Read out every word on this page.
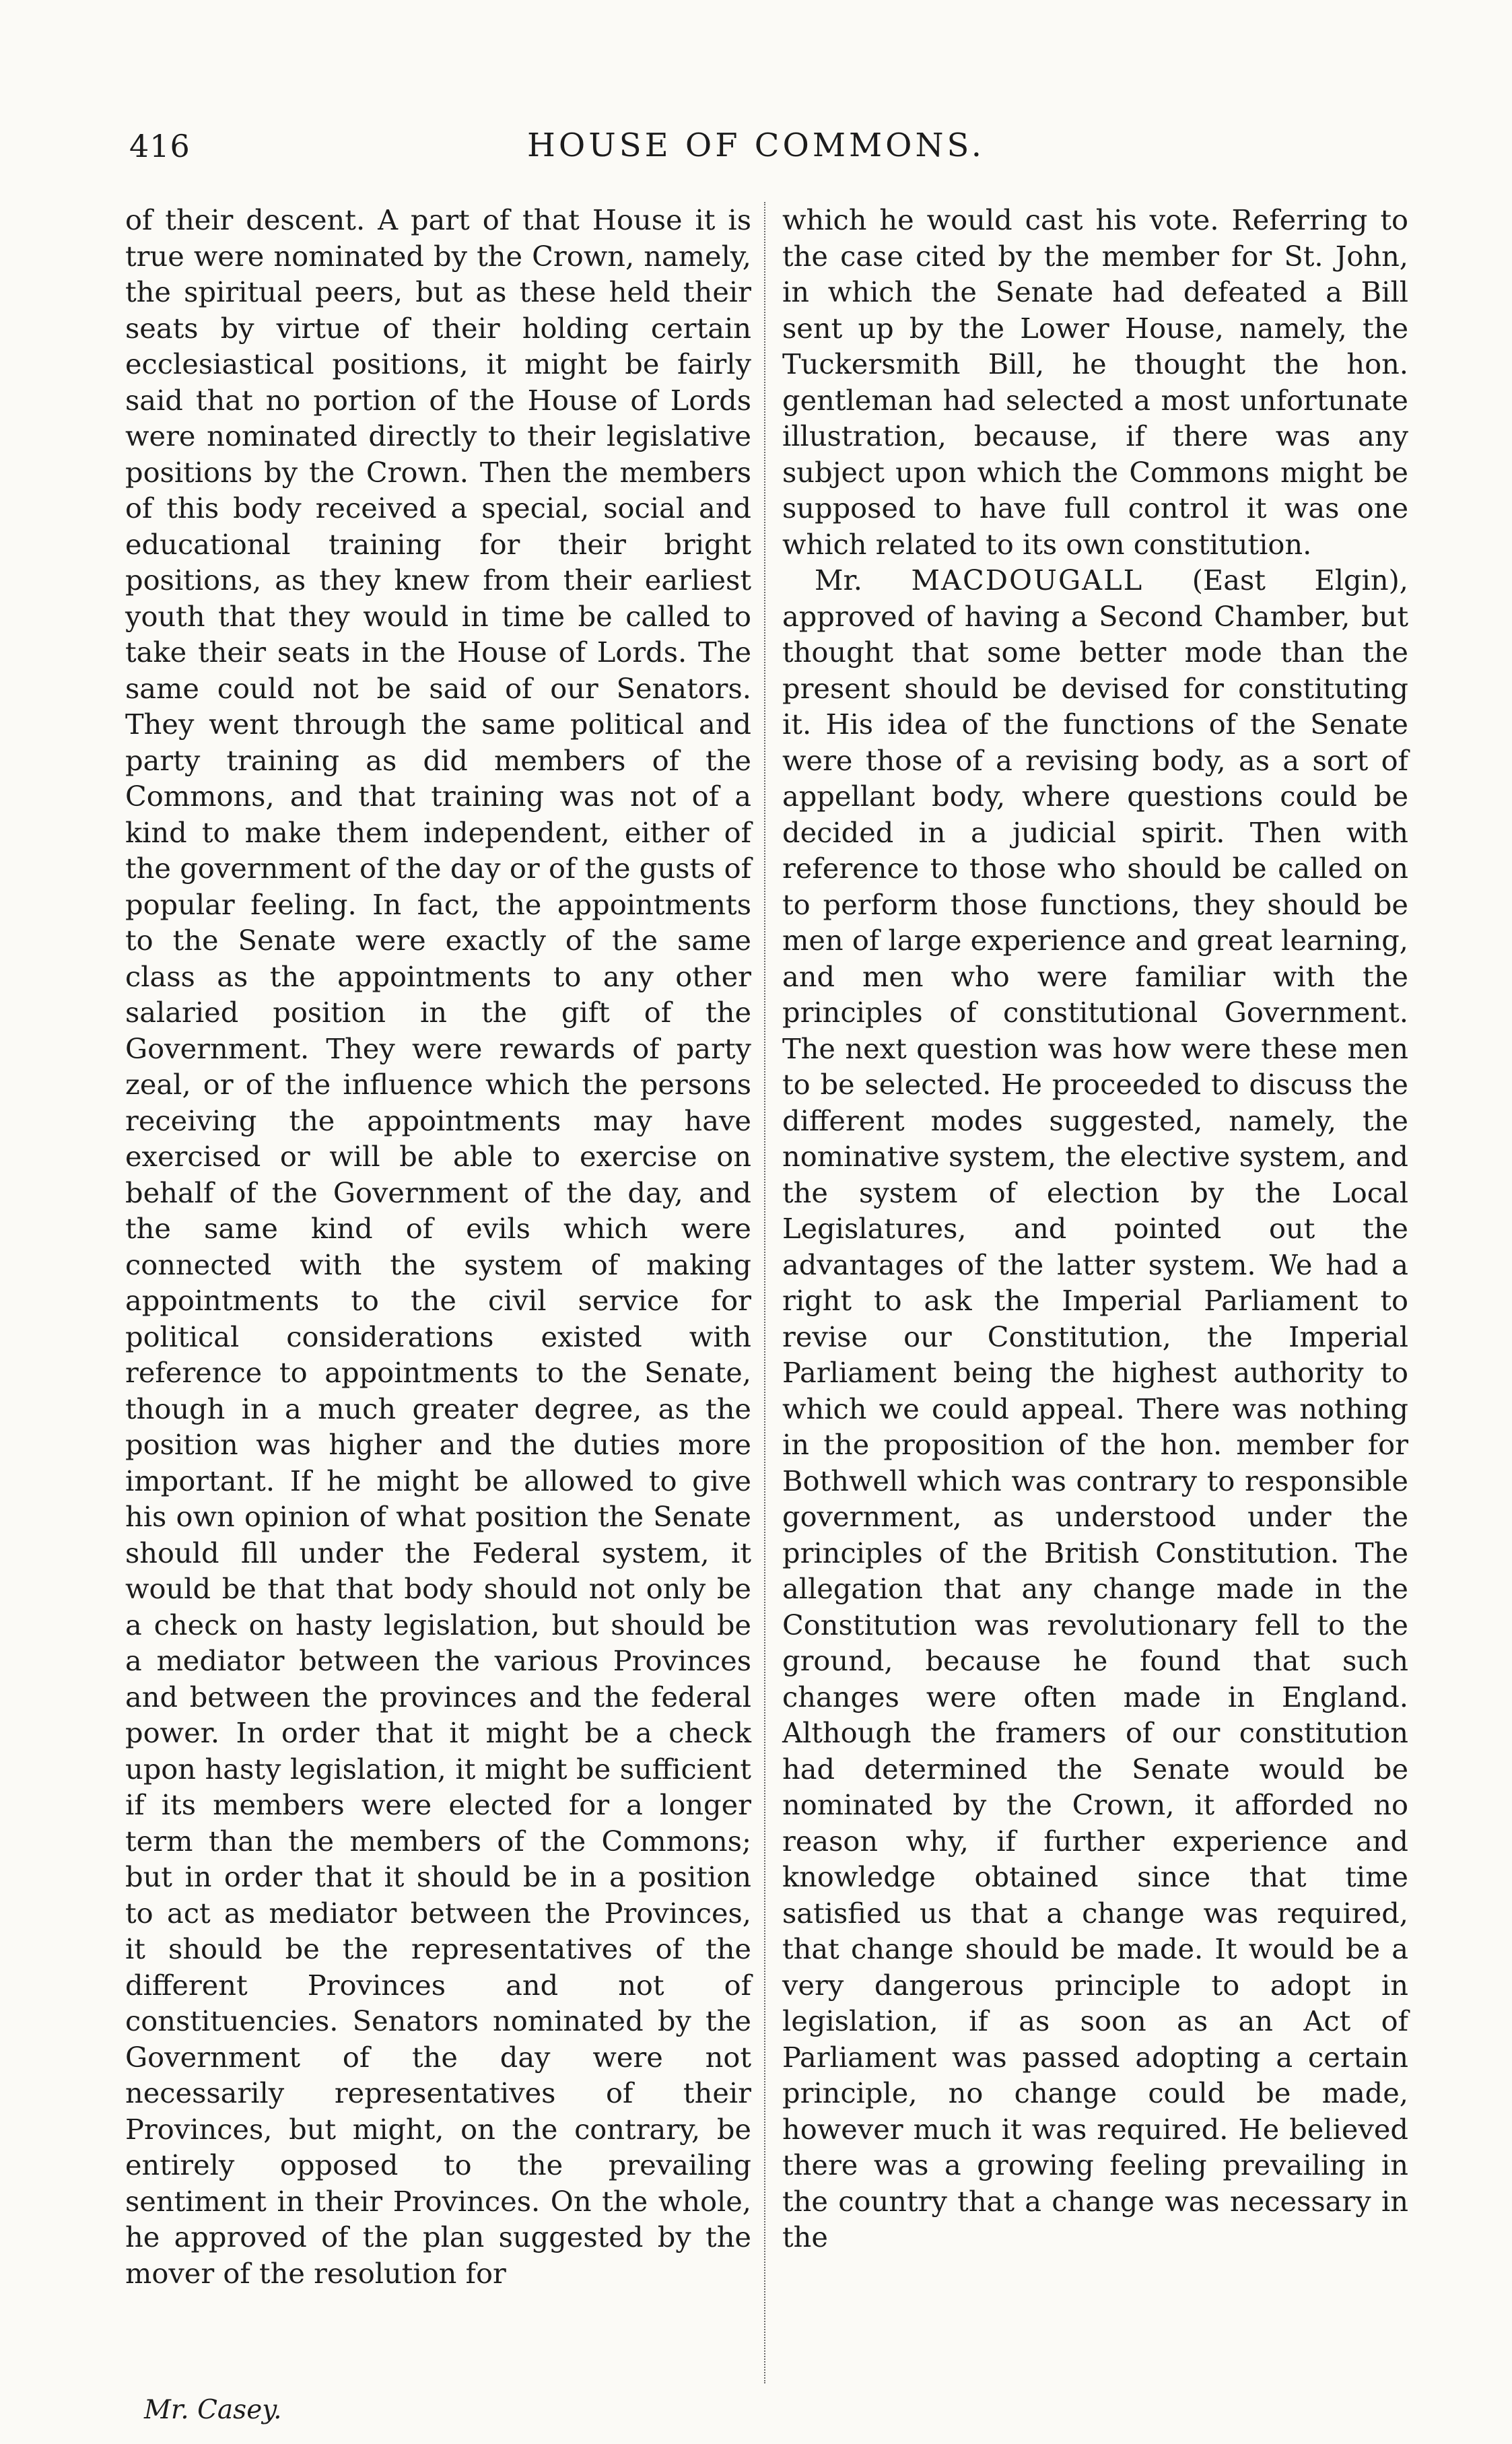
416	HOUSE OF COMMONS.

of their descent. A part of that House it is true were nominated by the Crown, namely, the spiritual peers, but as these held their seats by virtue of their holding certain ecclesiastical positions, it might be fairly said that no portion of the House of Lords were nominated directly to their legislative positions by the Crown. Then the members of this body received a special, social and educational training for their bright positions, as they knew from their earliest youth that they would in time be called to take their seats in the House of Lords. The same could not be said of our Senators. They went through the same political and party training as did members of the Commons, and that training was not of a kind to make them independent, either of the government of the day or of the gusts of popular feeling. In fact, the appointments to the Senate were exactly of the same class as the appointments to any other salaried position in the gift of the Government. They were rewards of party zeal, or of the influence which the persons receiving the appointments may have exercised or will be able to exercise on behalf of the Government of the day, and the same kind of evils which were connected with the system of making appointments to the civil service for political considerations existed with reference to appointments to the Senate, though in a much greater degree, as the position was higher and the duties more important. If he might be allowed to give his own opinion of what position the Senate should fill under the Federal system, it would be that that body should not only be a check on hasty legislation, but should be a mediator between the various Provinces and between the provinces and the federal power. In order that it might be a check upon hasty legislation, it might be sufficient if its members were elected for a longer term than the members of the Commons; but in order that it should be in a position to act as mediator between the Provinces, it should be the representatives of the different Provinces and not of constituencies. Senators nominated by the Government of the day were not necessarily representatives of their Provinces, but might, on the contrary, be entirely opposed to the prevailing sentiment in their Provinces. On the whole, he approved of the plan suggested by the mover of the resolution for

which he would cast his vote. Referring to the case cited by the member for St. John, in which the Senate had defeated a Bill sent up by the Lower House, namely, the Tuckersmith Bill, he thought the hon. gentleman had selected a most unfortunate illustration, because, if there was any subject upon which the Commons might be supposed to have full control it was one which related to its own constitution.

Mr. MACDOUGALL (East Elgin), approved of having a Second Chamber, but thought that some better mode than the present should be devised for constituting it. His idea of the functions of the Senate were those of a revising body, as a sort of appellant body, where questions could be decided in a judicial spirit. Then with reference to those who should be called on to perform those functions, they should be men of large experience and great learning, and men who were familiar with the principles of constitutional Government. The next question was how were these men to be selected. He proceeded to discuss the different modes suggested, namely, the nominative system, the elective system, and the system of election by the Local Legislatures, and pointed out the advantages of the latter system. We had a right to ask the Imperial Parliament to revise our Constitution, the Imperial Parliament being the highest authority to which we could appeal. There was nothing in the proposition of the hon. member for Bothwell which was contrary to responsible government, as understood under the principles of the British Constitution. The allegation that any change made in the Constitution was revolutionary fell to the ground, because he found that such changes were often made in England. Although the framers of our constitution had determined the Senate would be nominated by the Crown, it afforded no reason why, if further experience and knowledge obtained since that time satisfied us that a change was required, that change should be made. It would be a very dangerous principle to adopt in legislation, if as soon as an Act of Parliament was passed adopting a certain principle, no change could be made, however much it was required. He believed there was a growing feeling prevailing in the country that a change was necessary in the

Mr. Casey.
